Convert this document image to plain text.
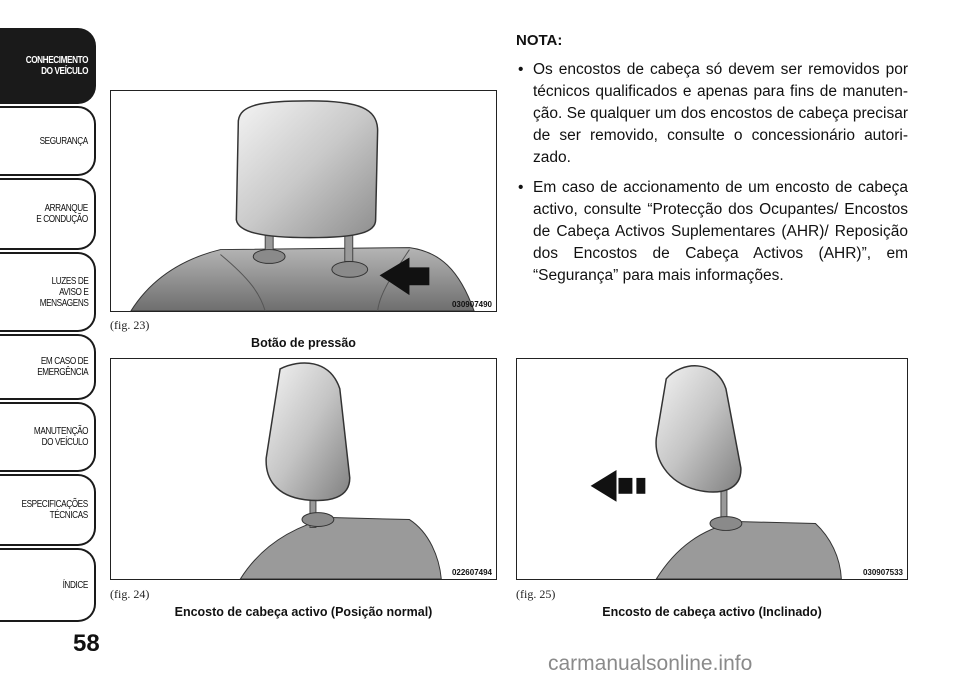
CONHECIMENTO
DO VEÍCULO
SEGURANÇA
ARRANQUE
E CONDUÇÃO
LUZES DE
AVISO E
MENSAGENS
EM CASO DE
EMERGÊNCIA
MANUTENÇÃO
DO VEÍCULO
ESPECIFICAÇÕES
TÉCNICAS
ÍNDICE
58
030907490
(fig. 23)
Botão de pressão
022607494
(fig. 24)
Encosto de cabeça activo (Posição normal)
030907533
(fig. 25)
Encosto de cabeça activo (Inclinado)
NOTA:
• Os encostos de cabeça só devem ser removidos por técnicos qualificados e apenas para fins de manuten-ção. Se qualquer um dos encostos de cabeça precisar de ser removido, consulte o concessionário autori-zado.
• Em caso de accionamento de um encosto de cabeça activo, consulte “Protecção dos Ocupantes/ Encostos de Cabeça Activos Suplementares (AHR)/ Reposição dos Encostos de Cabeça Activos (AHR)”, em “Segurança” para mais informações.
carmanualsonline.info
